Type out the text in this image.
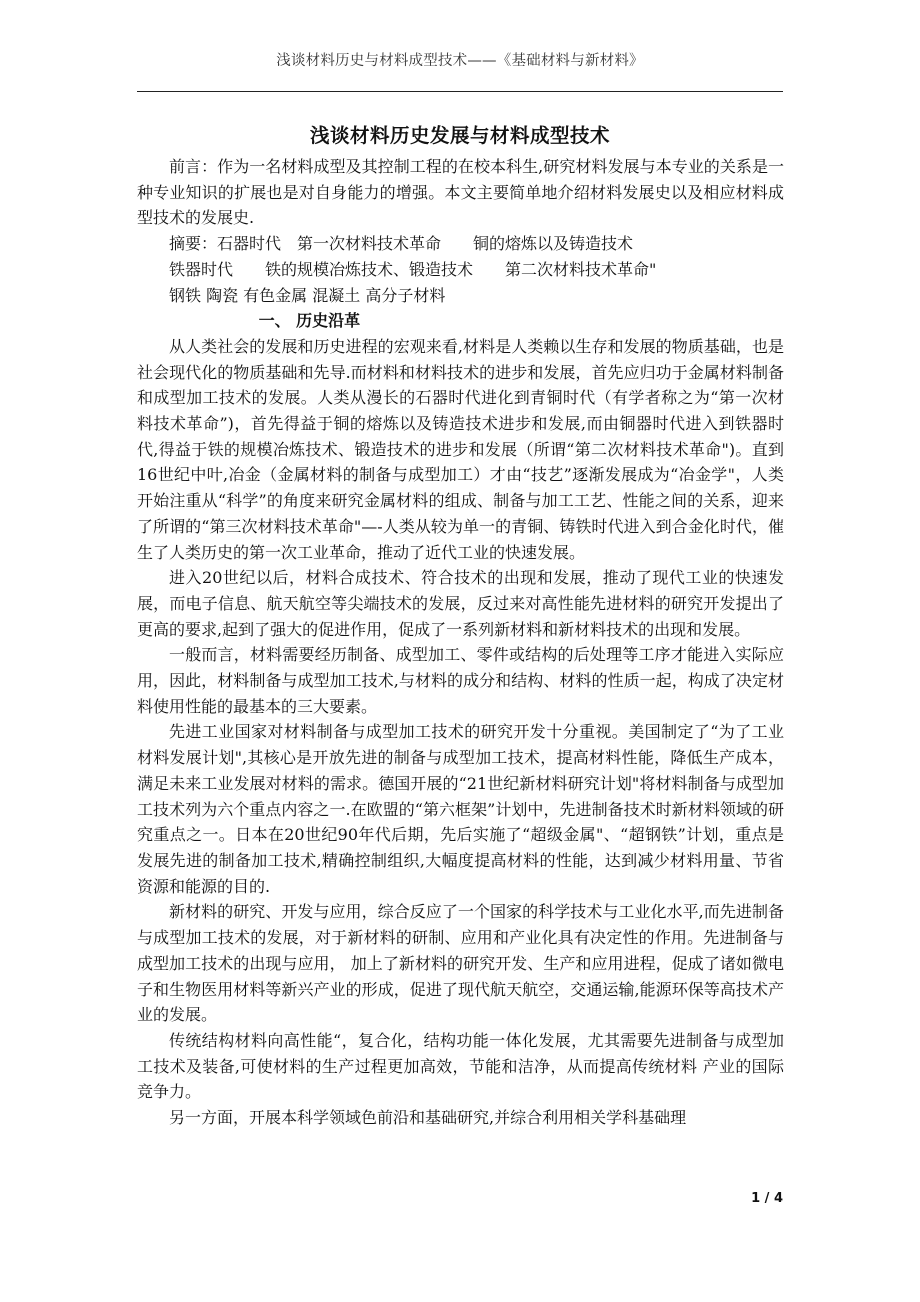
浅谈材料历史与材料成型技术——《基础材料与新材料》
浅谈材料历史发展与材料成型技术

前言：作为一名材料成型及其控制工程的在校本科生,研究材料发展与本专业的关系是一种专业知识的扩展也是对自身能力的增强。本文主要简单地介绍材料发展史以及相应材料成型技术的发展史.

摘要：石器时代　第一次材料技术革命　　铜的熔炼以及铸造技术

铁器时代　　铁的规模冶炼技术、锻造技术　　第二次材料技术革命"

钢铁 陶瓷 有色金属 混凝土 高分子材料

一、 历史沿革

从人类社会的发展和历史进程的宏观来看,材料是人类赖以生存和发展的物质基础，也是社会现代化的物质基础和先导.而材料和材料技术的进步和发展，首先应归功于金属材料制备和成型加工技术的发展。人类从漫长的石器时代进化到青铜时代（有学者称之为“第一次材料技术革命”)，首先得益于铜的熔炼以及铸造技术进步和发展,而由铜器时代进入到铁器时代,得益于铁的规模冶炼技术、锻造技术的进步和发展（所谓“第二次材料技术革命")。直到16世纪中叶,冶金（金属材料的制备与成型加工）才由“技艺”逐渐发展成为“冶金学"，人类开始注重从“科学”的角度来研究金属材料的组成、制备与加工工艺、性能之间的关系，迎来了所谓的“第三次材料技术革命"—-人类从较为单一的青铜、铸铁时代进入到合金化时代，催生了人类历史的第一次工业革命，推动了近代工业的快速发展。

进入20世纪以后，材料合成技术、符合技术的出现和发展，推动了现代工业的快速发展，而电子信息、航天航空等尖端技术的发展，反过来对高性能先进材料的研究开发提出了更高的要求,起到了强大的促进作用，促成了一系列新材料和新材料技术的出现和发展。

一般而言，材料需要经历制备、成型加工、零件或结构的后处理等工序才能进入实际应用，因此，材料制备与成型加工技术,与材料的成分和结构、材料的性质一起，构成了决定材料使用性能的最基本的三大要素。

先进工业国家对材料制备与成型加工技术的研究开发十分重视。美国制定了“为了工业材料发展计划",其核心是开放先进的制备与成型加工技术，提高材料性能，降低生产成本，满足未来工业发展对材料的需求。德国开展的“21世纪新材料研究计划"将材料制备与成型加工技术列为六个重点内容之一.在欧盟的“第六框架”计划中，先进制备技术时新材料领域的研究重点之一。日本在20世纪90年代后期，先后实施了“超级金属"、“超钢铁”计划，重点是发展先进的制备加工技术,精确控制组织,大幅度提高材料的性能，达到减少材料用量、节省资源和能源的目的.

新材料的研究、开发与应用，综合反应了一个国家的科学技术与工业化水平,而先进制备与成型加工技术的发展，对于新材料的研制、应用和产业化具有决定性的作用。先进制备与成型加工技术的出现与应用， 加上了新材料的研究开发、生产和应用进程，促成了诸如微电子和生物医用材料等新兴产业的形成，促进了现代航天航空，交通运输,能源环保等高技术产业的发展。

传统结构材料向高性能“，复合化，结构功能一体化发展，尤其需要先进制备与成型加工技术及装备,可使材料的生产过程更加高效，节能和洁净，从而提高传统材料 产业的国际竞争力。

另一方面，开展本科学领域色前沿和基础研究,并综合利用相关学科基础理

1 / 4
